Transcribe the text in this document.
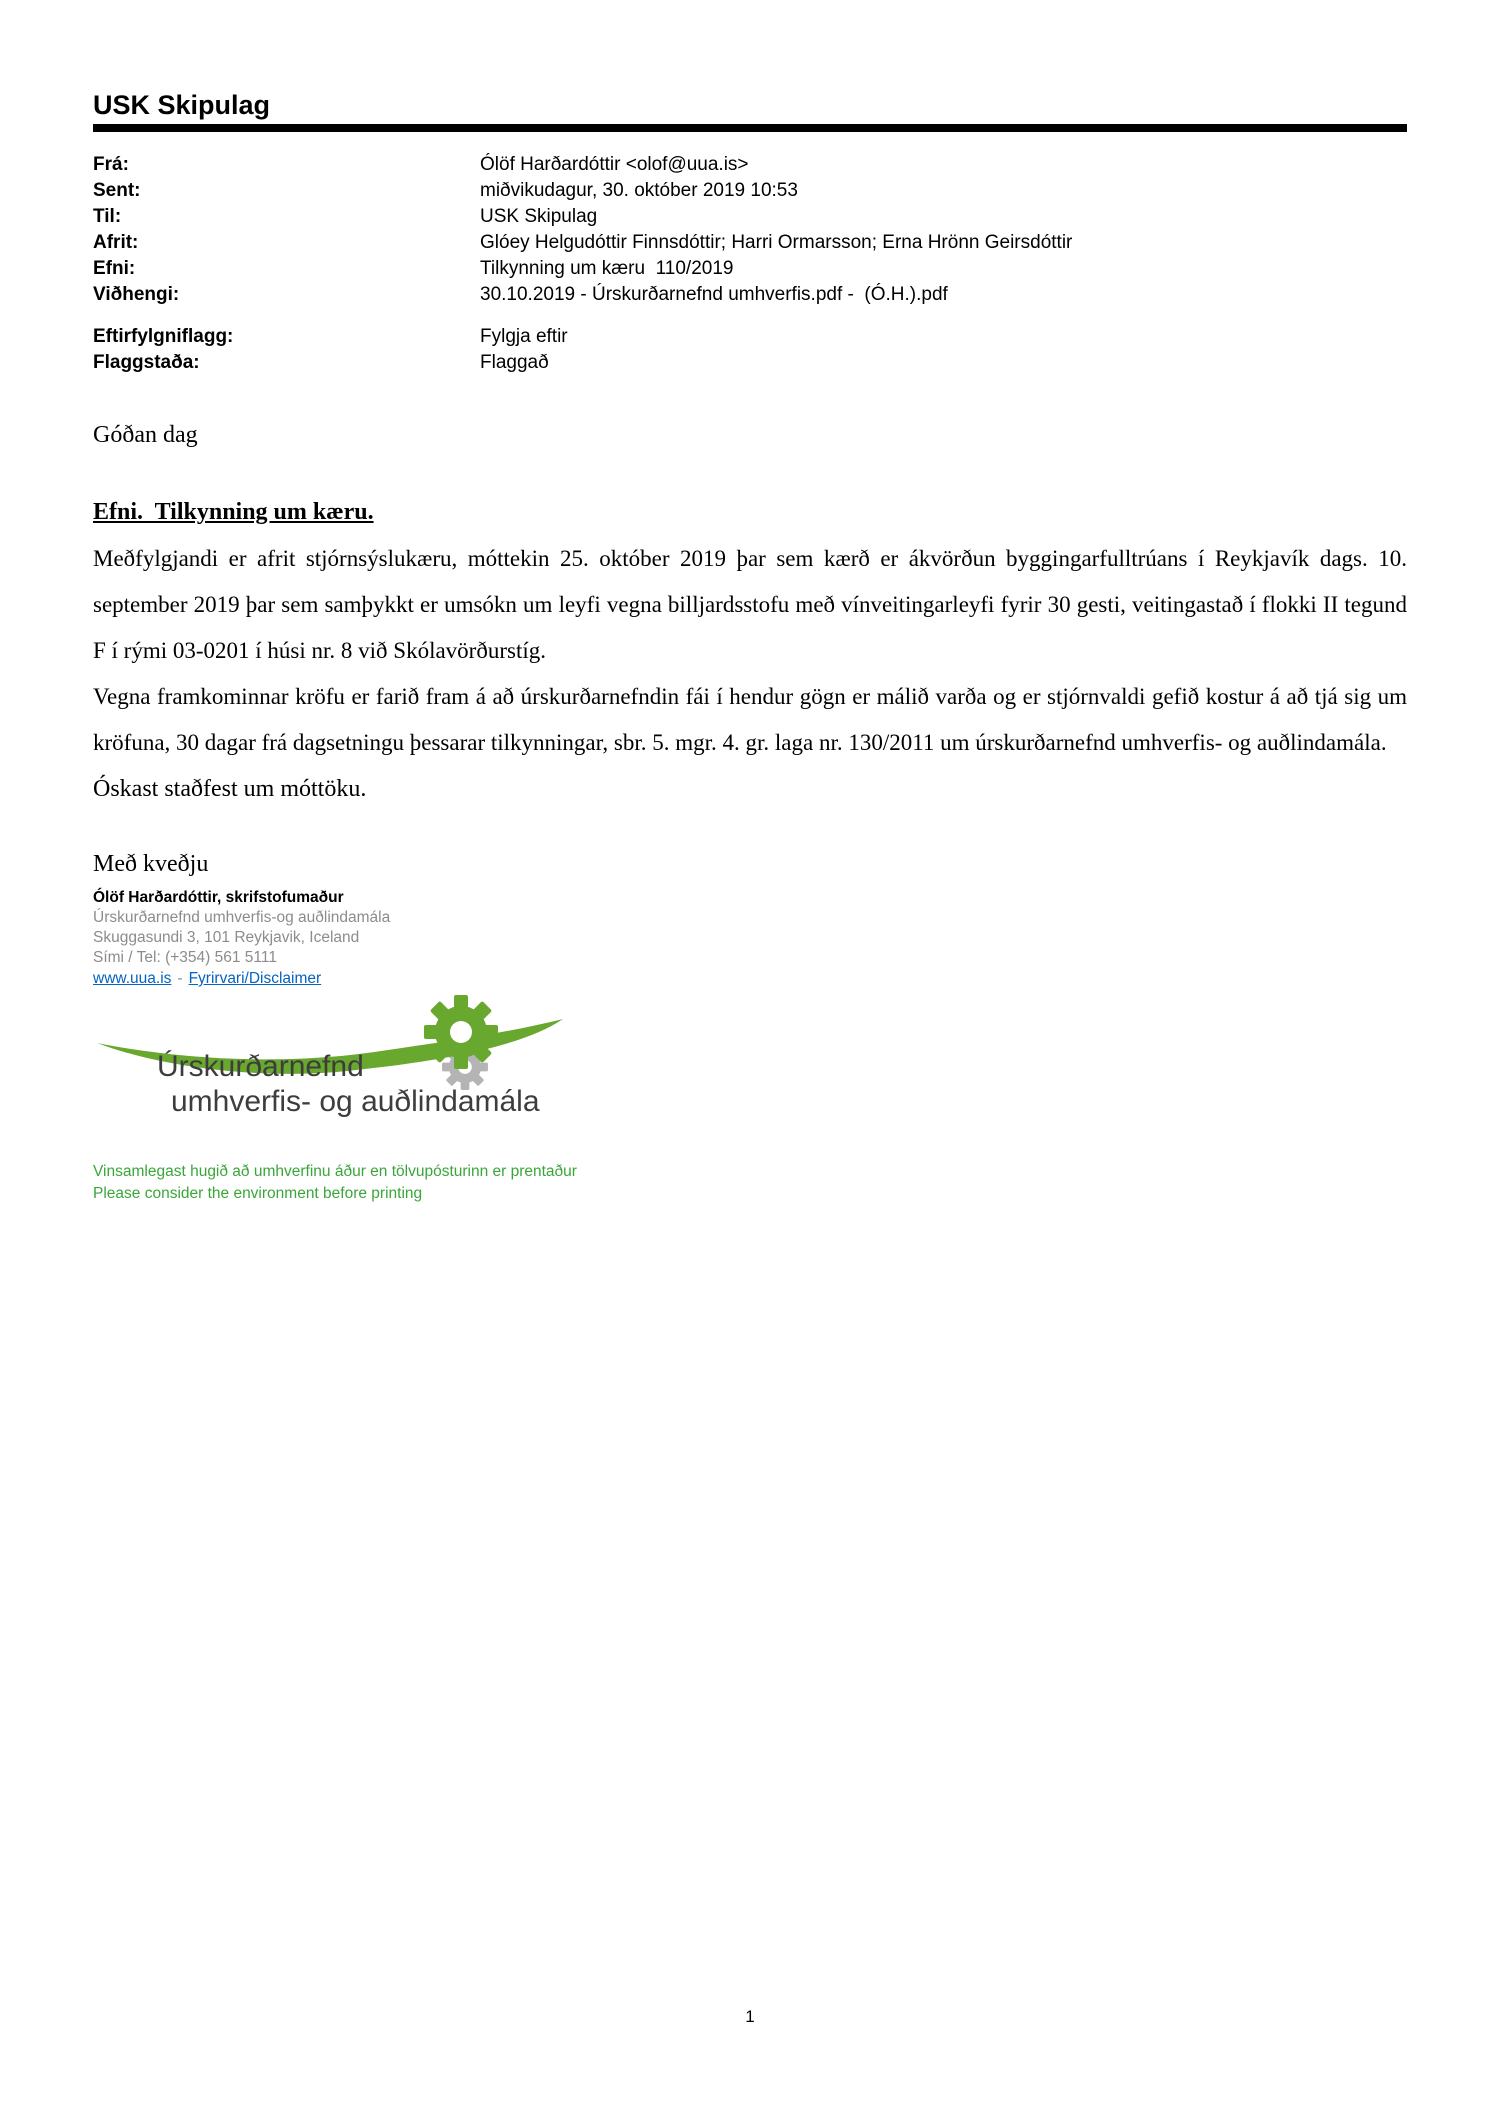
USK Skipulag
Frá:	Ólöf Harðardóttir <olof@uua.is>
Sent:	miðvikudagur, 30. október 2019 10:53
Til:	USK Skipulag
Afrit:	Glóey Helgudóttir Finnsdóttir; Harri Ormarsson; Erna Hrönn Geirsdóttir
Efni:	Tilkynning um kæru  110/2019
Viðhengi:	30.10.2019 - Úrskurðarnefnd umhverfis.pdf -  (Ó.H.).pdf
Eftirfylgniflagg:	Fylgja eftir
Flaggstaða:	Flaggað

Góðan dag

Efni.  Tilkynning um kæru.

Meðfylgjandi er afrit stjórnsýslukæru, móttekin 25. október 2019 þar sem kærð er ákvörðun byggingarfulltrúans í Reykjavík dags. 10. september 2019 þar sem samþykkt er umsókn um leyfi vegna billjardsstofu með vínveitingarleyfi fyrir 30 gesti, veitingastað í flokki II tegund F í rými 03-0201 í húsi nr. 8 við Skólavörðurstíg.

Vegna framkominnar kröfu er farið fram á að úrskurðarnefndin fái í hendur gögn er málið varða og er stjórnvaldi gefið kostur á að tjá sig um kröfuna, 30 dagar frá dagsetningu þessarar tilkynningar, sbr. 5. mgr. 4. gr. laga nr. 130/2011 um úrskurðarnefnd umhverfis- og auðlindamála.

Óskast staðfest um móttöku.

Með kveðju

Ólöf Harðardóttir, skrifstofumaður
Úrskurðarnefnd umhverfis-og auðlindamála
Skuggasundi 3, 101 Reykjavik, Iceland
Sími / Tel: (+354) 561 5111
www.uua.is - Fyrirvari/Disclaimer
Úrskurðarnefnd
umhverfis- og auðlindamála
Vinsamlegast hugið að umhverfinu áður en tölvupósturinn er prentaður
Please consider the environment before printing
1
